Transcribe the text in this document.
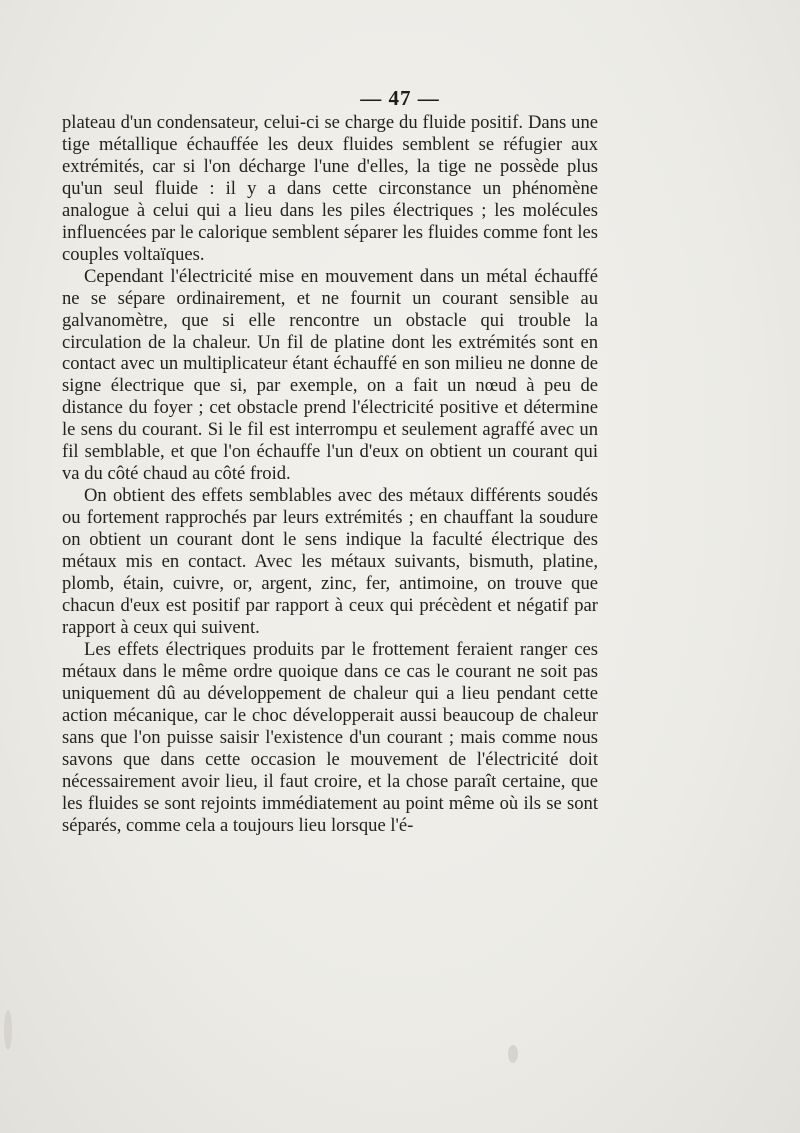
— 47 —

plateau d'un condensateur, celui-ci se charge du fluide positif. Dans une tige métallique échauffée les deux fluides semblent se réfugier aux extrémités, car si l'on décharge l'une d'elles, la tige ne possède plus qu'un seul fluide : il y a dans cette circonstance un phénomène analogue à celui qui a lieu dans les piles électriques ; les molécules influencées par le calorique semblent séparer les fluides comme font les couples voltaïques.

Cependant l'électricité mise en mouvement dans un métal échauffé ne se sépare ordinairement, et ne fournit un courant sensible au galvanomètre, que si elle rencontre un obstacle qui trouble la circulation de la chaleur. Un fil de platine dont les extrémités sont en contact avec un multiplicateur étant échauffé en son milieu ne donne de signe électrique que si, par exemple, on a fait un nœud à peu de distance du foyer ; cet obstacle prend l'électricité positive et détermine le sens du courant. Si le fil est interrompu et seulement agraffé avec un fil semblable, et que l'on échauffe l'un d'eux on obtient un courant qui va du côté chaud au côté froid.

On obtient des effets semblables avec des métaux différents soudés ou fortement rapprochés par leurs extrémités ; en chauffant la soudure on obtient un courant dont le sens indique la faculté électrique des métaux mis en contact. Avec les métaux suivants, bismuth, platine, plomb, étain, cuivre, or, argent, zinc, fer, antimoine, on trouve que chacun d'eux est positif par rapport à ceux qui précèdent et négatif par rapport à ceux qui suivent.

Les effets électriques produits par le frottement feraient ranger ces métaux dans le même ordre quoique dans ce cas le courant ne soit pas uniquement dû au développement de chaleur qui a lieu pendant cette action mécanique, car le choc développerait aussi beaucoup de chaleur sans que l'on puisse saisir l'existence d'un courant ; mais comme nous savons que dans cette occasion le mouvement de l'électricité doit nécessairement avoir lieu, il faut croire, et la chose paraît certaine, que les fluides se sont rejoints immédiatement au point même où ils se sont séparés, comme cela a toujours lieu lorsque l'é-
